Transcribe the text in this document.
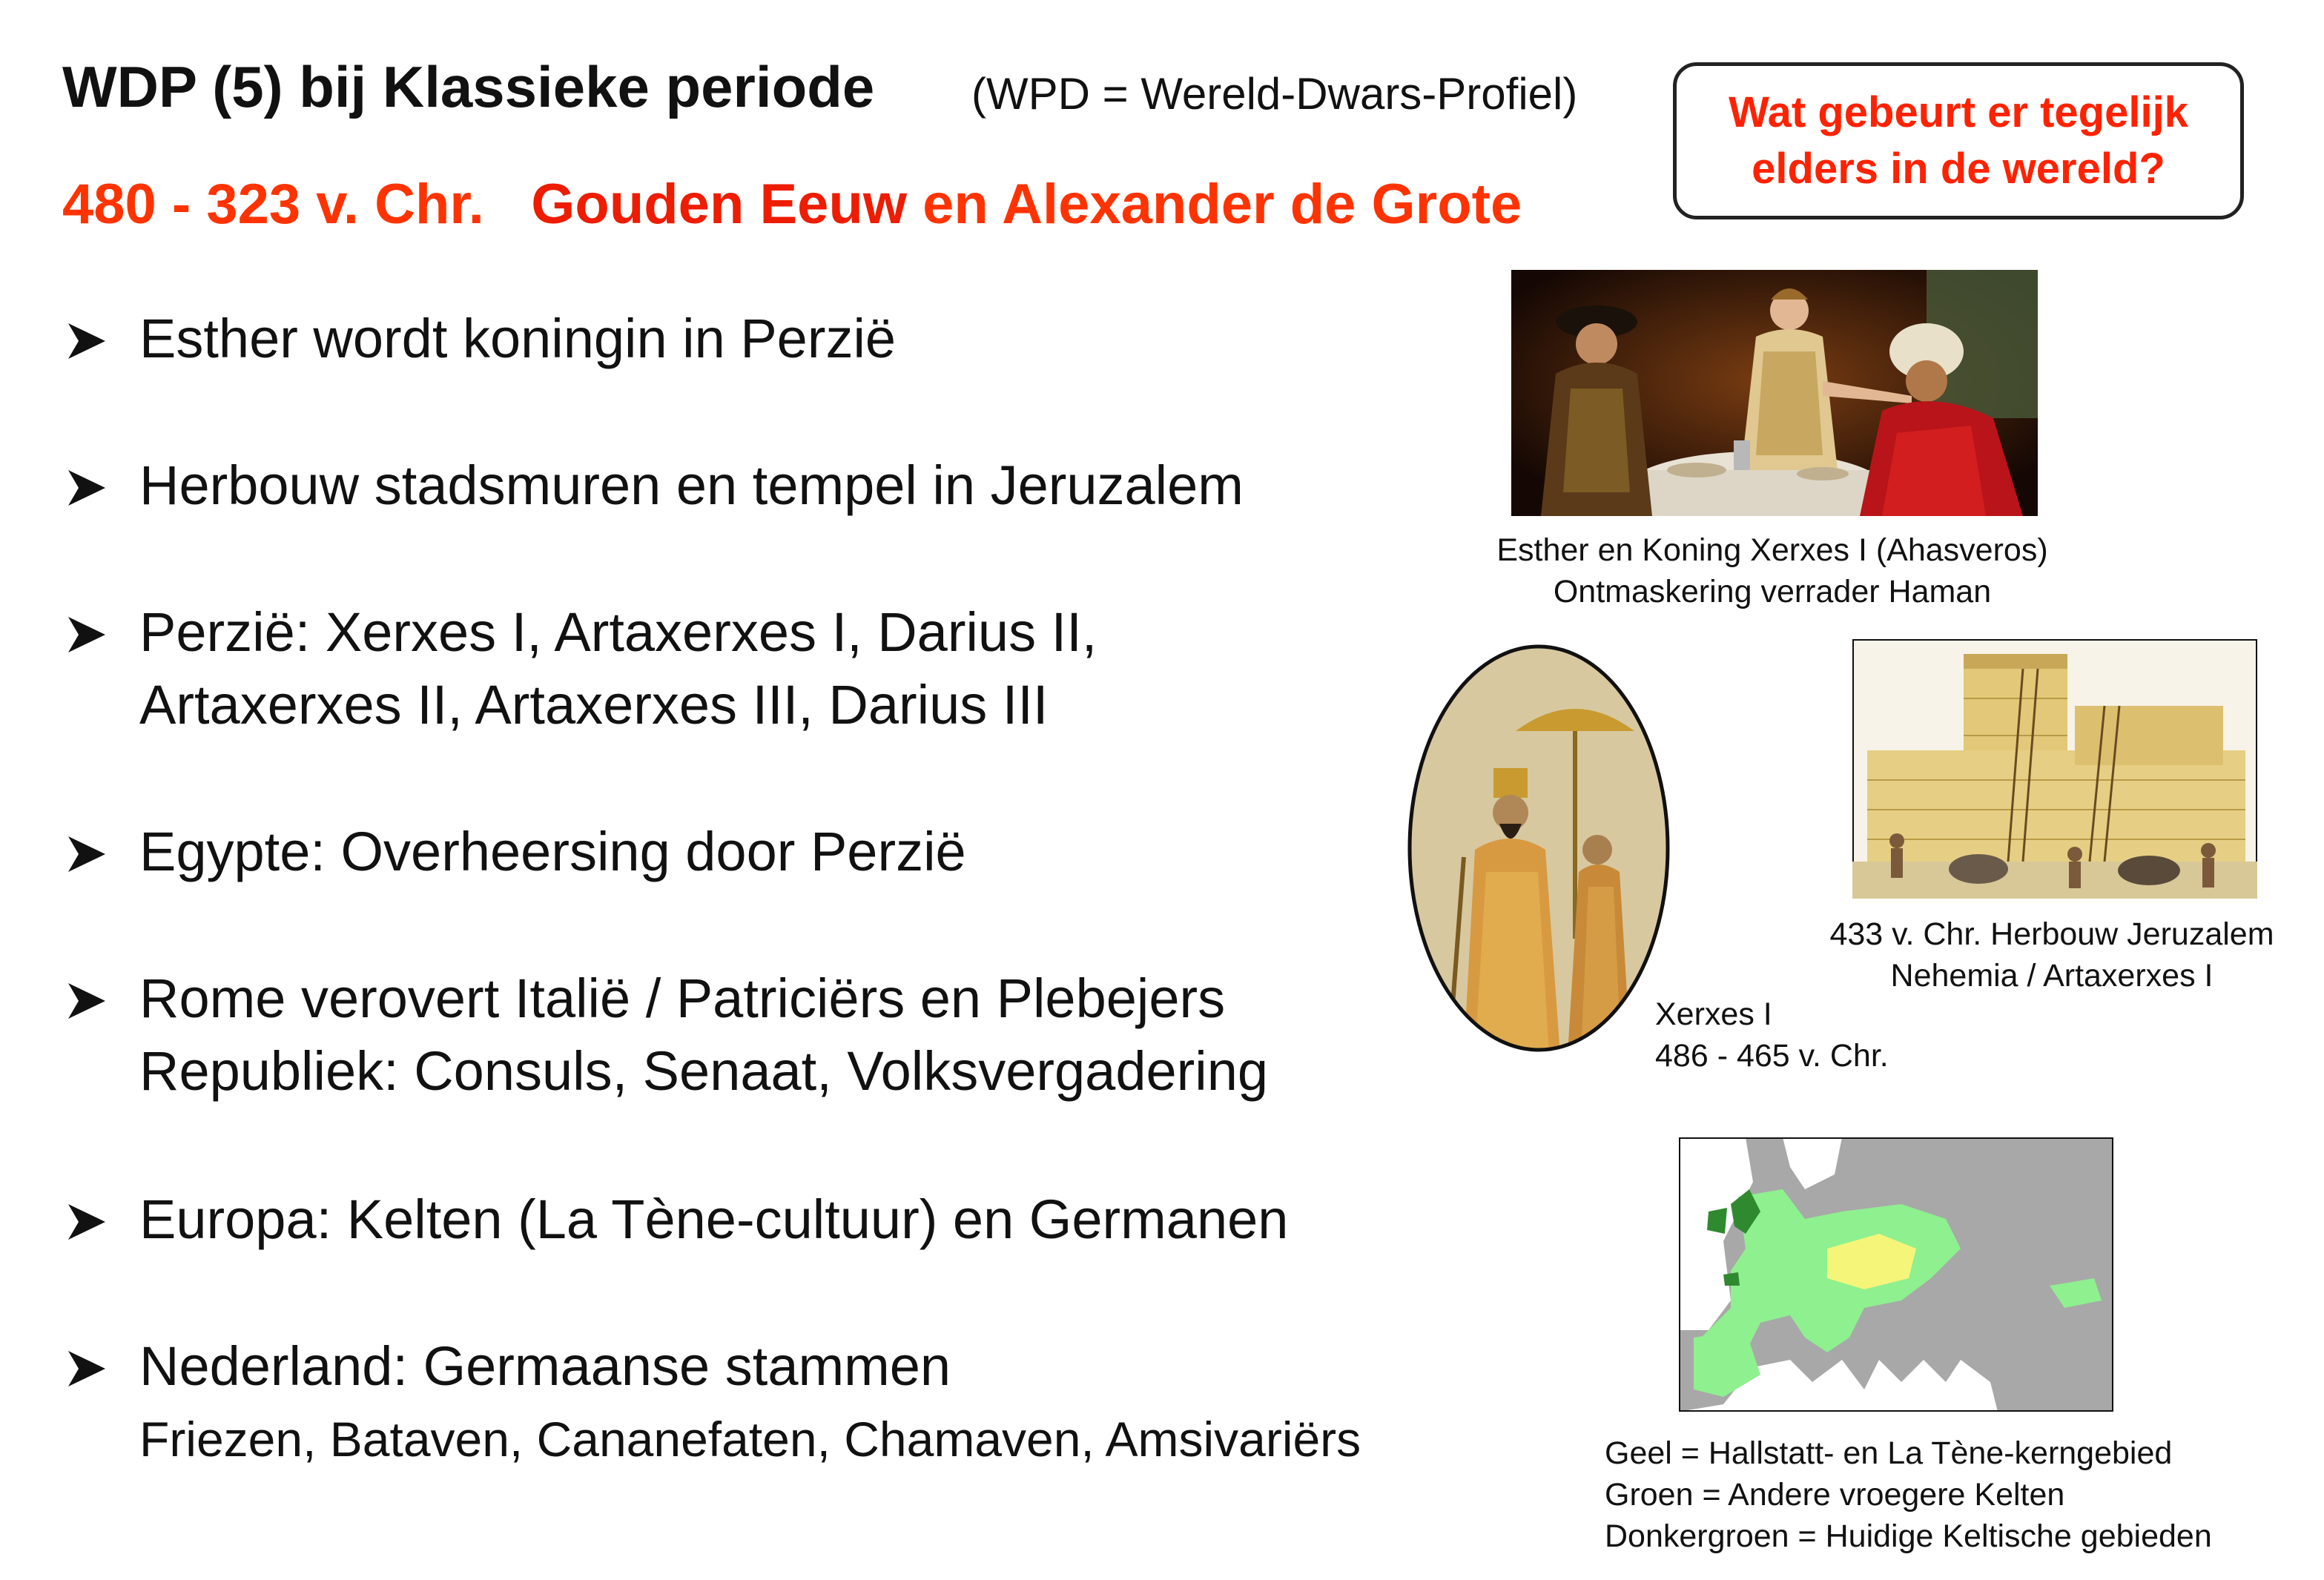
WDP (5) bij Klassieke periode (WPD = Wereld-Dwars-Profiel)	Wat gebeurt er tegelijk
elders in de wereld?
480 - 323 v. Chr. Gouden Eeuw en Alexander de Grote
Esther wordt koningin in Perzië
Herbouw stadsmuren en tempel in Jeruzalem
Perzië: Xerxes I, Artaxerxes I, Darius II,
Artaxerxes II, Artaxerxes III, Darius III
Egypte: Overheersing door Perzië
Rome verovert Italië / Patriciërs en Plebejers
Republiek: Consuls, Senaat, Volksvergadering
Europa: Kelten (La Tène-cultuur) en Germanen
Nederland: Germaanse stammen
Friezen, Bataven, Cananefaten, Chamaven, Amsivariërs
Esther en Koning Xerxes I (Ahasveros)
Ontmaskering verrader Haman
Xerxes I
486 - 465 v. Chr.
433 v. Chr. Herbouw Jeruzalem
Nehemia / Artaxerxes I
Geel = Hallstatt- en La Tène-kerngebied
Groen = Andere vroegere Kelten
Donkergroen = Huidige Keltische gebieden
